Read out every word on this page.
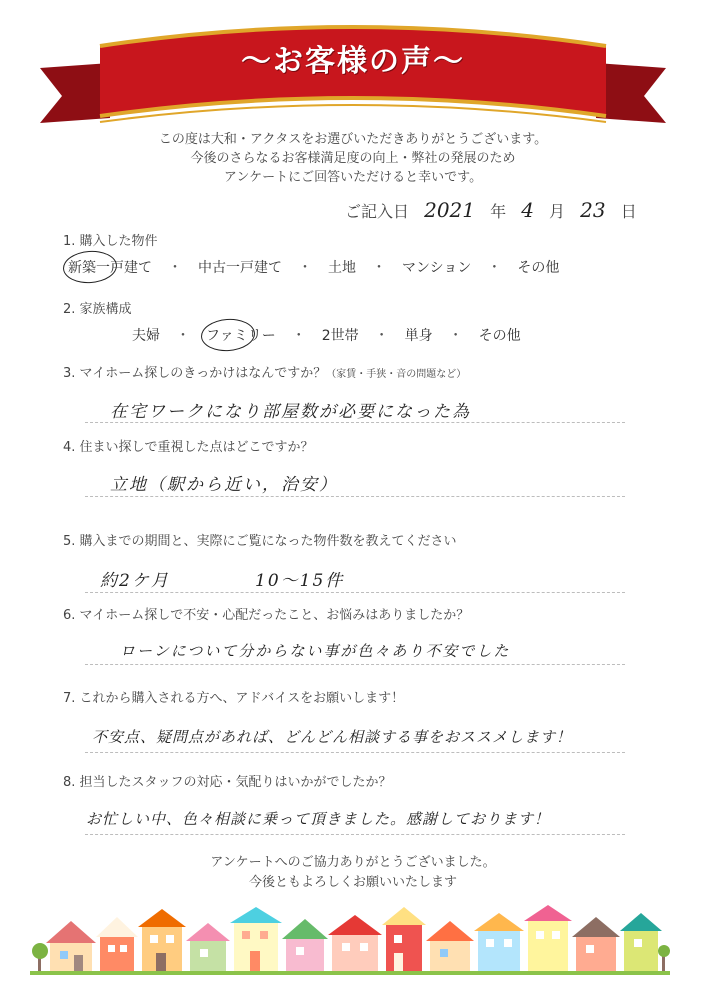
〜お客様の声〜
この度は大和・アクタスをお選びいただきありがとうございます。
今後のさらなるお客様満足度の向上・弊社の発展のため
アンケートにご回答いただけると幸いです。
ご記入日 2021 年 4 月 23 日
1. 購入した物件
新築一戸建て ・ 中古一戸建て ・ 土地 ・ マンション ・ その他
2. 家族構成
夫婦 ・ ファミリー ・ 2世帯 ・ 単身 ・ その他
3. マイホーム探しのきっかけはなんですか？（家賃・手狭・音の問題など）
在宅ワークになり部屋数が必要になった為
4. 住まい探しで重視した点はどこですか？
立地（駅から近い，治安）
5. 購入までの期間と、実際にご覧になった物件数を教えてください
約2ケ月	10〜15件
6. マイホーム探しで不安・心配だったこと、お悩みはありましたか？
ローンについて分からない事が色々あり不安でした
7. これから購入される方へ、アドバイスをお願いします！
不安点、疑問点があれば、どんどん相談する事をおススメします！
8. 担当したスタッフの対応・気配りはいかがでしたか？
お忙しい中、色々相談に乗って頂きました。感謝しております！
アンケートへのご協力ありがとうございました。
今後ともよろしくお願いいたします
